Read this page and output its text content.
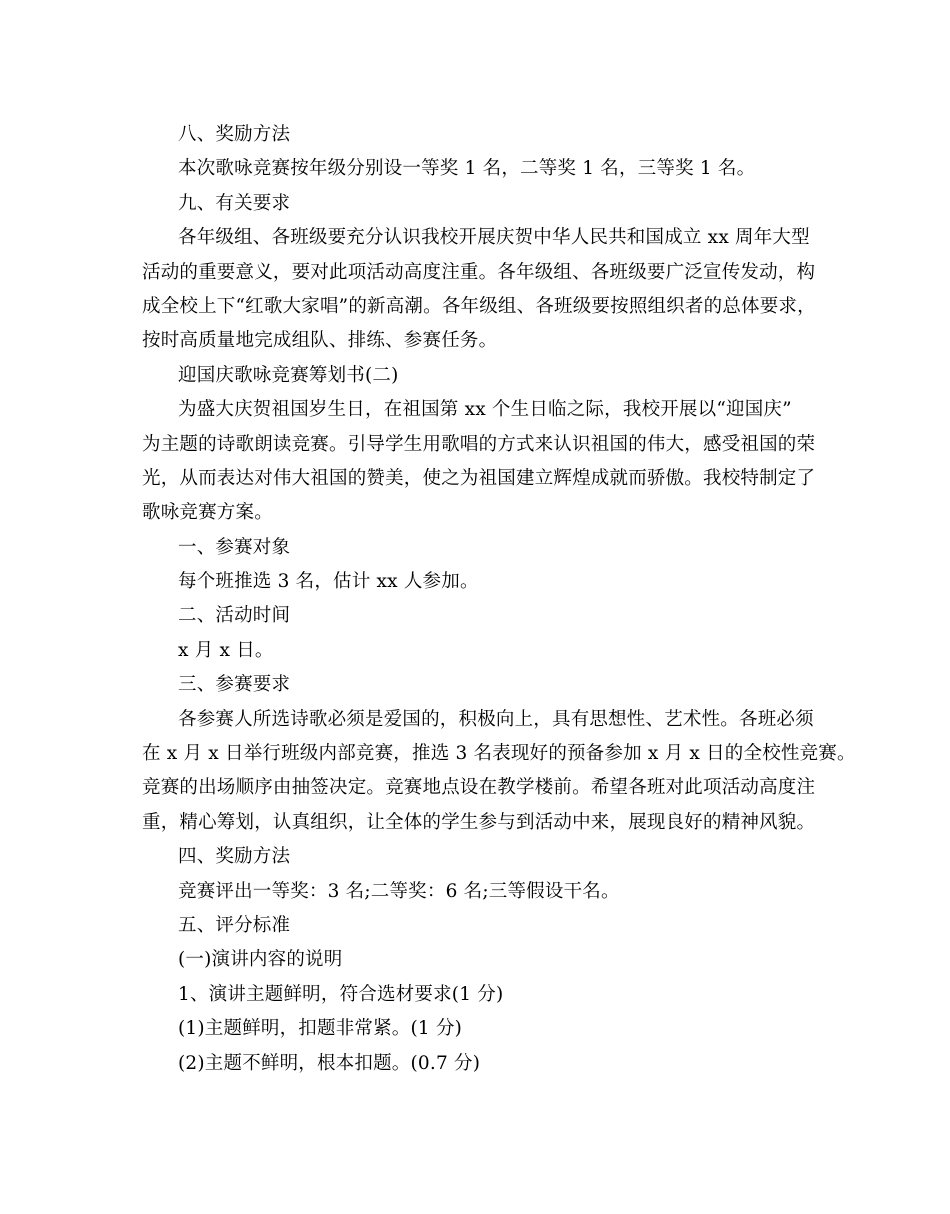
八、奖励方法
本次歌咏竞赛按年级分别设一等奖 1 名，二等奖 1 名，三等奖 1 名。
九、有关要求
各年级组、各班级要充分认识我校开展庆贺中华人民共和国成立 xx 周年大型
活动的重要意义，要对此项活动高度注重。各年级组、各班级要广泛宣传发动，构
成全校上下“红歌大家唱”的新高潮。各年级组、各班级要按照组织者的总体要求，
按时高质量地完成组队、排练、参赛任务。
迎国庆歌咏竞赛筹划书(二)
为盛大庆贺祖国岁生日，在祖国第 xx 个生日临之际，我校开展以“迎国庆”
为主题的诗歌朗读竞赛。引导学生用歌唱的方式来认识祖国的伟大，感受祖国的荣
光，从而表达对伟大祖国的赞美，使之为祖国建立辉煌成就而骄傲。我校特制定了
歌咏竞赛方案。
一、参赛对象
每个班推选 3 名，估计 xx 人参加。
二、活动时间
x 月 x 日。
三、参赛要求
各参赛人所选诗歌必须是爱国的，积极向上，具有思想性、艺术性。各班必须
在 x 月 x 日举行班级内部竞赛，推选 3 名表现好的预备参加 x 月 x 日的全校性竞赛。
竞赛的出场顺序由抽签决定。竞赛地点设在教学楼前。希望各班对此项活动高度注
重，精心筹划，认真组织，让全体的学生参与到活动中来，展现良好的精神风貌。
四、奖励方法
竞赛评出一等奖：3 名;二等奖：6 名;三等假设干名。
五、评分标准
(一)演讲内容的说明
1、演讲主题鲜明，符合选材要求(1 分)
(1)主题鲜明，扣题非常紧。(1 分)
(2)主题不鲜明，根本扣题。(0.7 分)
